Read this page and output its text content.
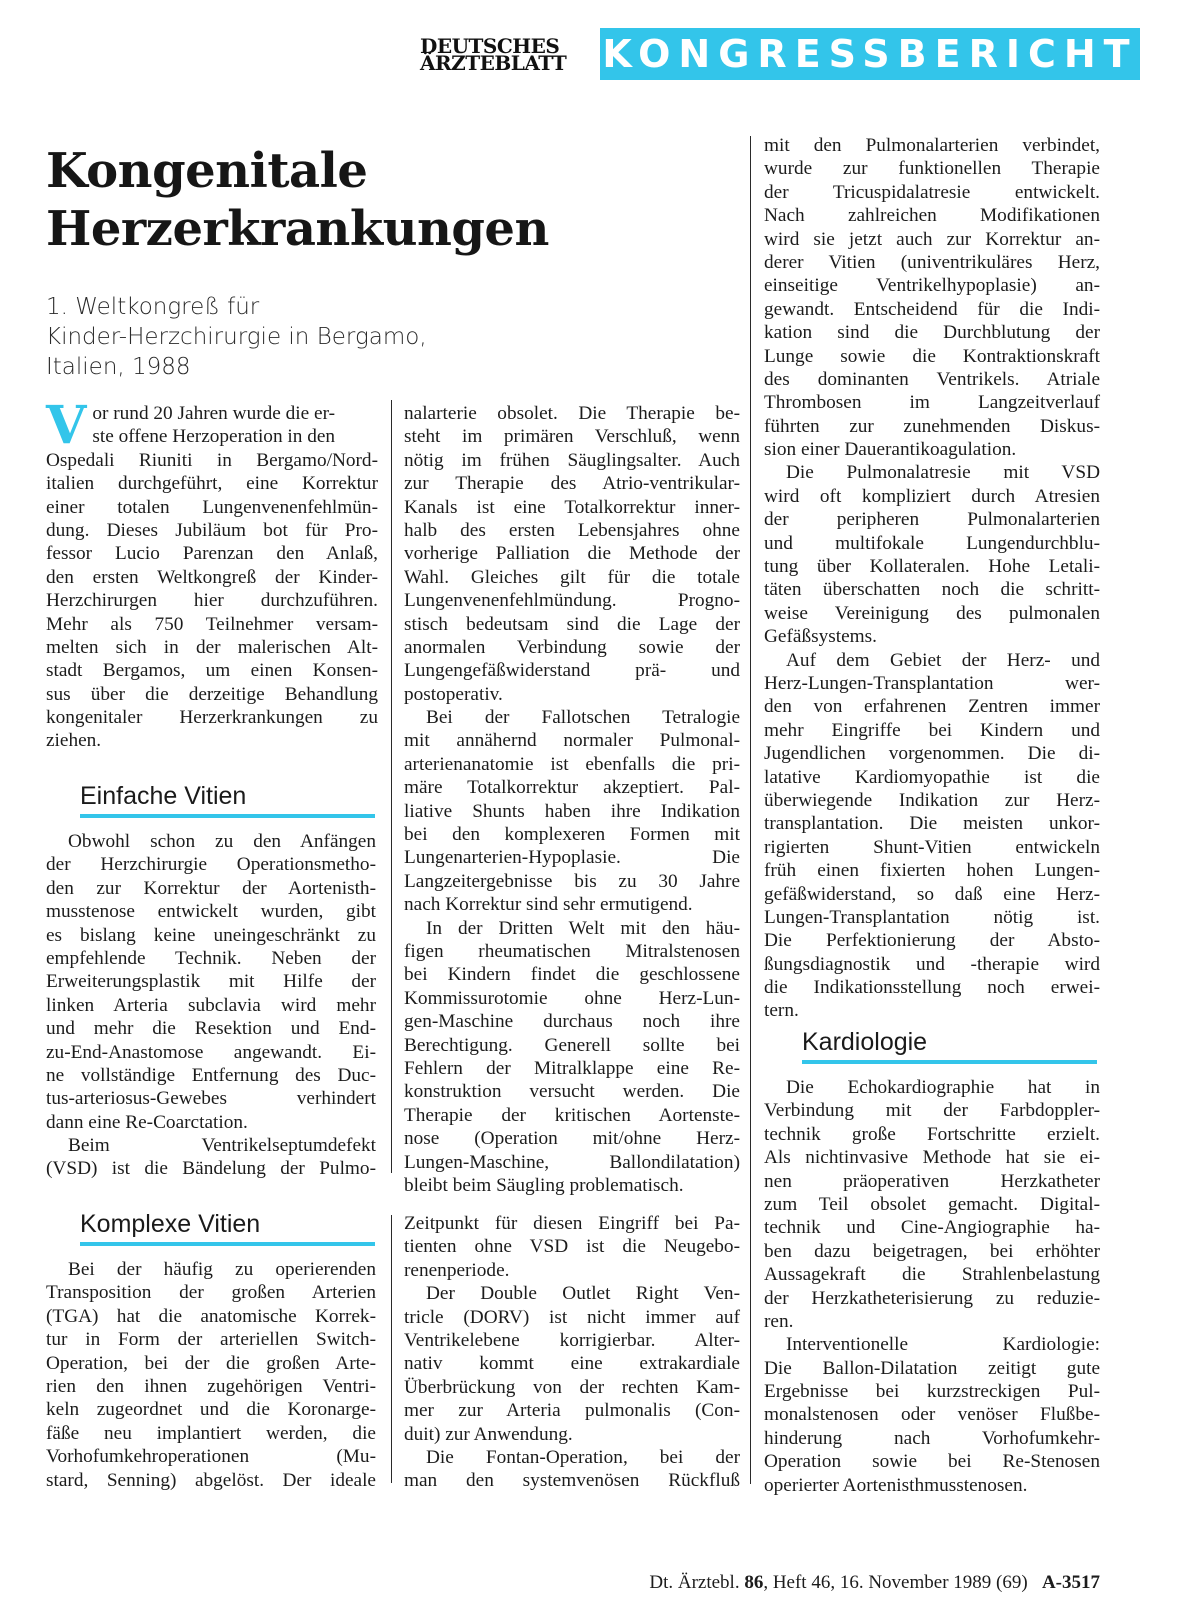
DEUTSCHES
ÄRZTEBLATT KONGRESSBERICHT
Kongenitale
Herzerkrankungen
1. Weltkongreß für
Kinder-Herzchirurgie in Bergamo,
Italien, 1988
V or rund 20 Jahren wurde die er-
ste offene Herzoperation in den
Ospedali Riuniti in Bergamo/Nord-
italien durchgeführt, eine Korrektur
einer totalen Lungenvenenfehlmün-
dung. Dieses Jubiläum bot für Pro-
fessor Lucio Parenzan den Anlaß,
den ersten Weltkongreß der Kinder-
Herzchirurgen hier durchzuführen.
Mehr als 750 Teilnehmer versam-
melten sich in der malerischen Alt-
stadt Bergamos, um einen Konsen-
sus über die derzeitige Behandlung
kongenitaler Herzerkrankungen zu
ziehen.
Einfache Vitien
Obwohl schon zu den Anfängen
der Herzchirurgie Operationsmetho-
den zur Korrektur der Aortenisth-
musstenose entwickelt wurden, gibt
es bislang keine uneingeschränkt zu
empfehlende Technik. Neben der
Erweiterungsplastik mit Hilfe der
linken Arteria subclavia wird mehr
und mehr die Resektion und End-
zu-End-Anastomose angewandt. Ei-
ne vollständige Entfernung des Duc-
tus-arteriosus-Gewebes verhindert
dann eine Re-Coarctation.
Beim Ventrikelseptumdefekt
(VSD) ist die Bändelung der Pulmo-
Komplexe Vitien
Bei der häufig zu operierenden
Transposition der großen Arterien
(TGA) hat die anatomische Korrek-
tur in Form der arteriellen Switch-
Operation, bei der die großen Arte-
rien den ihnen zugehörigen Ventri-
keln zugeordnet und die Koronarge-
fäße neu implantiert werden, die
Vorhofumkehroperationen (Mu-
stard, Senning) abgelöst. Der ideale
nalarterie obsolet. Die Therapie be-
steht im primären Verschluß, wenn
nötig im frühen Säuglingsalter. Auch
zur Therapie des Atrio-ventrikular-
Kanals ist eine Totalkorrektur inner-
halb des ersten Lebensjahres ohne
vorherige Palliation die Methode der
Wahl. Gleiches gilt für die totale
Lungenvenenfehlmündung. Progno-
stisch bedeutsam sind die Lage der
anormalen Verbindung sowie der
Lungengefäßwiderstand prä- und
postoperativ.
Bei der Fallotschen Tetralogie
mit annähernd normaler Pulmonal-
arterienanatomie ist ebenfalls die pri-
märe Totalkorrektur akzeptiert. Pal-
liative Shunts haben ihre Indikation
bei den komplexeren Formen mit
Lungenarterien-Hypoplasie. Die
Langzeitergebnisse bis zu 30 Jahre
nach Korrektur sind sehr ermutigend.
In der Dritten Welt mit den häu-
figen rheumatischen Mitralstenosen
bei Kindern findet die geschlossene
Kommissurotomie ohne Herz-Lun-
gen-Maschine durchaus noch ihre
Berechtigung. Generell sollte bei
Fehlern der Mitralklappe eine Re-
konstruktion versucht werden. Die
Therapie der kritischen Aortenste-
nose (Operation mit/ohne Herz-
Lungen-Maschine, Ballondilatation)
bleibt beim Säugling problematisch.
Zeitpunkt für diesen Eingriff bei Pa-
tienten ohne VSD ist die Neugebo-
renenperiode.
Der Double Outlet Right Ven-
tricle (DORV) ist nicht immer auf
Ventrikelebene korrigierbar. Alter-
nativ kommt eine extrakardiale
Überbrückung von der rechten Kam-
mer zur Arteria pulmonalis (Con-
duit) zur Anwendung.
Die Fontan-Operation, bei der
man den systemvenösen Rückfluß
mit den Pulmonalarterien verbindet,
wurde zur funktionellen Therapie
der Tricuspidalatresie entwickelt.
Nach zahlreichen Modifikationen
wird sie jetzt auch zur Korrektur an-
derer Vitien (univentrikuläres Herz,
einseitige Ventrikelhypoplasie) an-
gewandt. Entscheidend für die Indi-
kation sind die Durchblutung der
Lunge sowie die Kontraktionskraft
des dominanten Ventrikels. Atriale
Thrombosen im Langzeitverlauf
führten zur zunehmenden Diskus-
sion einer Dauerantikoagulation.
Die Pulmonalatresie mit VSD
wird oft kompliziert durch Atresien
der peripheren Pulmonalarterien
und multifokale Lungendurchblu-
tung über Kollateralen. Hohe Letali-
täten überschatten noch die schritt-
weise Vereinigung des pulmonalen
Gefäßsystems.
Auf dem Gebiet der Herz- und
Herz-Lungen-Transplantation wer-
den von erfahrenen Zentren immer
mehr Eingriffe bei Kindern und
Jugendlichen vorgenommen. Die di-
latative Kardiomyopathie ist die
überwiegende Indikation zur Herz-
transplantation. Die meisten unkor-
rigierten Shunt-Vitien entwickeln
früh einen fixierten hohen Lungen-
gefäßwiderstand, so daß eine Herz-
Lungen-Transplantation nötig ist.
Die Perfektionierung der Absto-
ßungsdiagnostik und -therapie wird
die Indikationsstellung noch erwei-
tern.
Kardiologie
Die Echokardiographie hat in
Verbindung mit der Farbdoppler-
technik große Fortschritte erzielt.
Als nichtinvasive Methode hat sie ei-
nen präoperativen Herzkatheter
zum Teil obsolet gemacht. Digital-
technik und Cine-Angiographie ha-
ben dazu beigetragen, bei erhöhter
Aussagekraft die Strahlenbelastung
der Herzkatheterisierung zu reduzie-
ren.
Interventionelle Kardiologie:
Die Ballon-Dilatation zeitigt gute
Ergebnisse bei kurzstreckigen Pul-
monalstenosen oder venöser Flußbe-
hinderung nach Vorhofumkehr-
Operation sowie bei Re-Stenosen
operierter Aortenisthmusstenosen.
Dt. Ärztebl. 86, Heft 46, 16. November 1989 (69) A-3517
